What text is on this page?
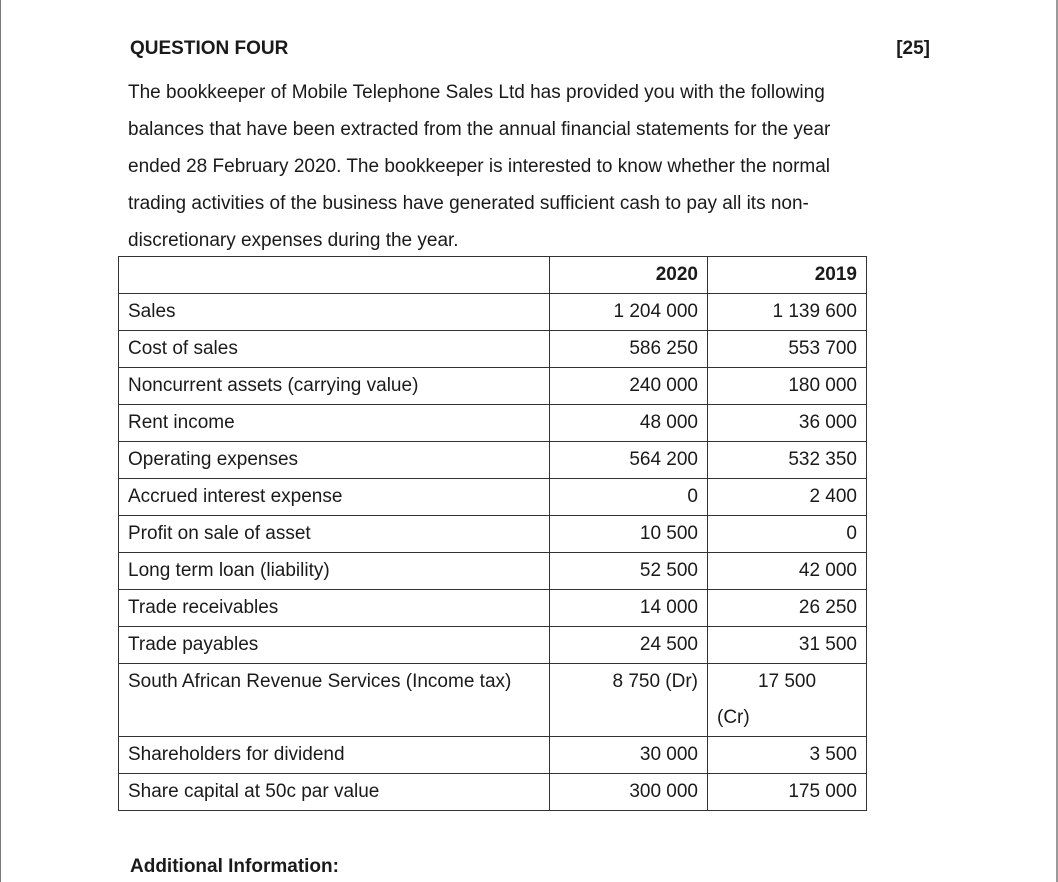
QUESTION FOUR	[25]
The bookkeeper of Mobile Telephone Sales Ltd has provided you with the following
balances that have been extracted from the annual financial statements for the year
ended 28 February 2020. The bookkeeper is interested to know whether the normal
trading activities of the business have generated sufficient cash to pay all its non-
discretionary expenses during the year.
	2020	2019
Sales	1 204 000	1 139 600
Cost of sales	586 250	553 700
Noncurrent assets (carrying value)	240 000	180 000
Rent income	48 000	36 000
Operating expenses	564 200	532 350
Accrued interest expense	0	2 400
Profit on sale of asset	10 500	0
Long term loan (liability)	52 500	42 000
Trade receivables	14 000	26 250
Trade payables	24 500	31 500
South African Revenue Services (Income tax)	8 750 (Dr)	17 500
(Cr)

Shareholders for dividend	30 000	3 500
Share capital at 50c par value	300 000	175 000
Additional Information:
